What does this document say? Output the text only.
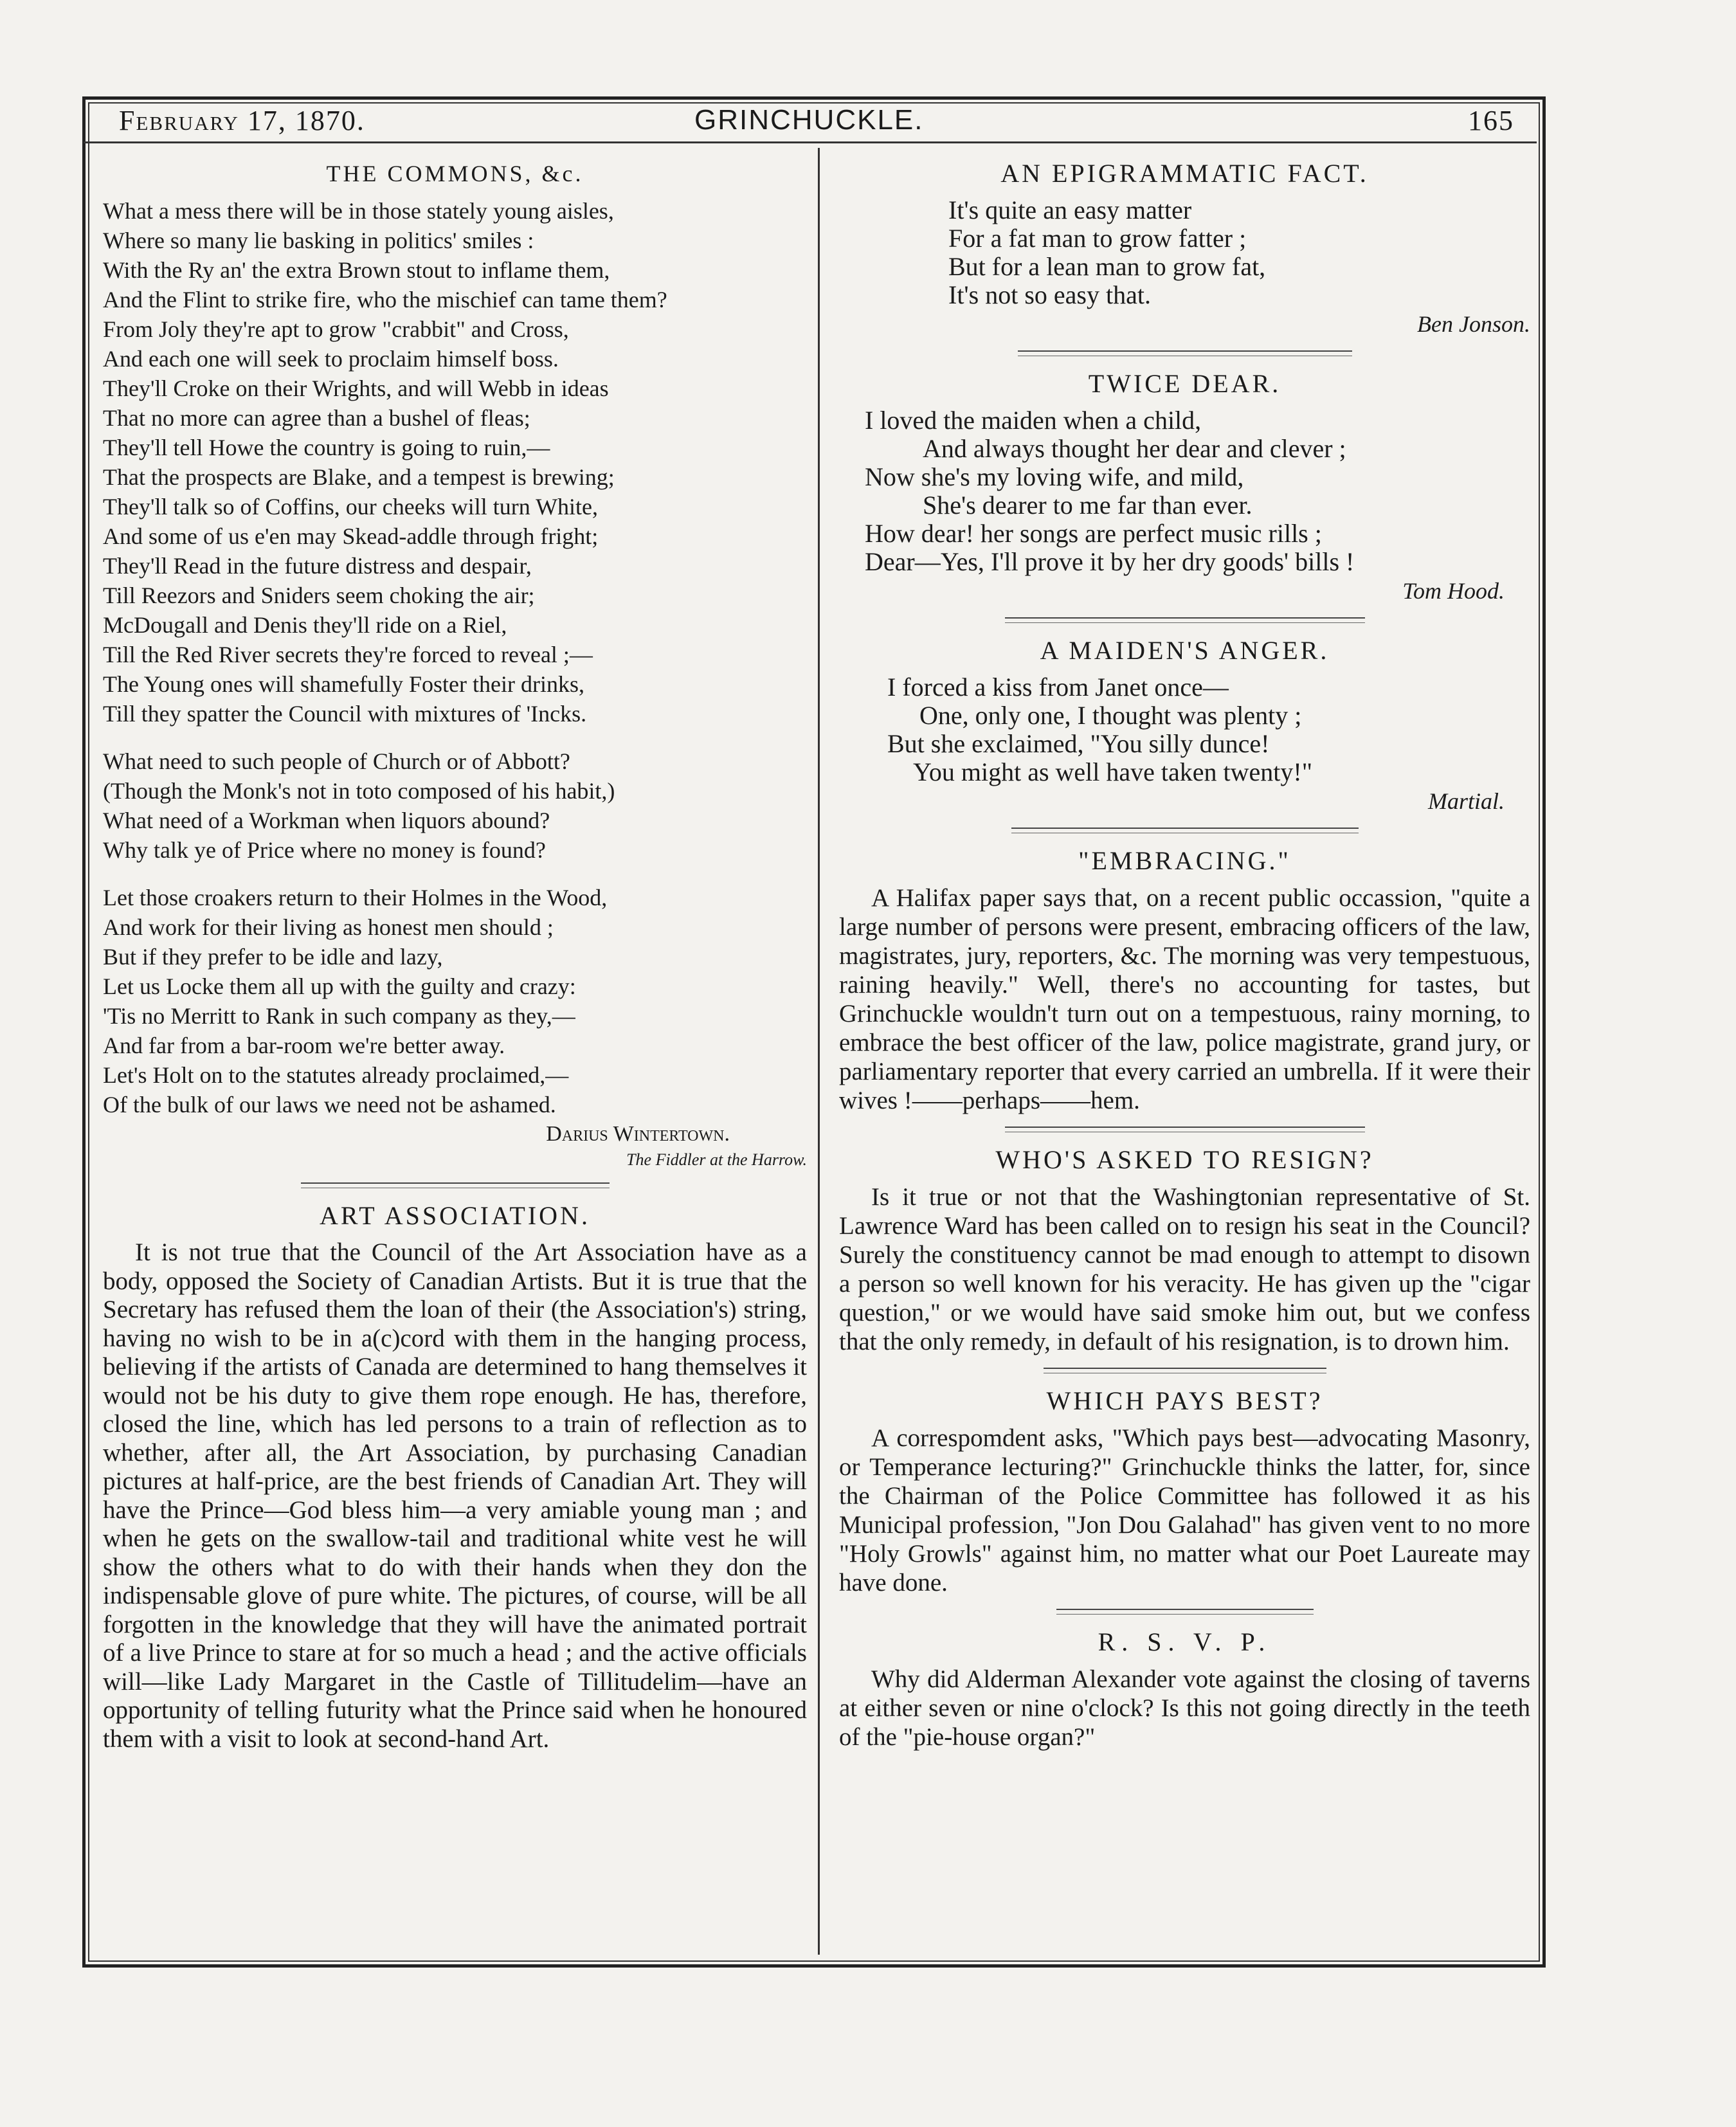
February 17, 1870.	GRINCHUCKLE.	165
THE COMMONS, &c.

What a mess there will be in those stately young aisles,

Where so many lie basking in politics' smiles :

With the Ry an' the extra Brown stout to inflame them,

And the Flint to strike fire, who the mischief can tame them?

From Joly they're apt to grow "crabbit" and Cross,

And each one will seek to proclaim himself boss.

They'll Croke on their Wrights, and will Webb in ideas

That no more can agree than a bushel of fleas;

They'll tell Howe the country is going to ruin,—

That the prospects are Blake, and a tempest is brewing;

They'll talk so of Coffins, our cheeks will turn White,

And some of us e'en may Skead-addle through fright;

They'll Read in the future distress and despair,

Till Reezors and Sniders seem choking the air;

McDougall and Denis they'll ride on a Riel,

Till the Red River secrets they're forced to reveal ;—

The Young ones will shamefully Foster their drinks,

Till they spatter the Council with mixtures of 'Incks.

What need to such people of Church or of Abbott?

(Though the Monk's not in toto composed of his habit,)

What need of a Workman when liquors abound?

Why talk ye of Price where no money is found?

Let those croakers return to their Holmes in the Wood,

And work for their living as honest men should ;

But if they prefer to be idle and lazy,

Let us Locke them all up with the guilty and crazy:

'Tis no Merritt to Rank in such company as they,—

And far from a bar-room we're better away.

Let's Holt on to the statutes already proclaimed,—

Of the bulk of our laws we need not be ashamed.

Darius Wintertown.
The Fiddler at the Harrow.
ART ASSOCIATION.

It is not true that the Council of the Art Association have as a body, opposed the Society of Canadian Artists. But it is true that the Secretary has refused them the loan of their (the Association's) string, having no wish to be in a(c)cord with them in the hanging process, believing if the artists of Canada are determined to hang themselves it would not be his duty to give them rope enough. He has, therefore, closed the line, which has led persons to a train of reflection as to whether, after all, the Art Association, by purchasing Canadian pictures at half-price, are the best friends of Canadian Art. They will have the Prince—God bless him—a very amiable young man ; and when he gets on the swallow-tail and traditional white vest he will show the others what to do with their hands when they don the indispensable glove of pure white. The pictures, of course, will be all forgotten in the knowledge that they will have the animated portrait of a live Prince to stare at for so much a head ; and the active officials will—like Lady Margaret in the Castle of Tillitudelim—have an opportunity of telling futurity what the Prince said when he honoured them with a visit to look at second-hand Art.

AN EPIGRAMMATIC FACT.

It's quite an easy matter

For a fat man to grow fatter ;

But for a lean man to grow fat,

It's not so easy that.

Ben Jonson.
TWICE DEAR.

I loved the maiden when a child,

And always thought her dear and clever ;

Now she's my loving wife, and mild,

She's dearer to me far than ever.

How dear! her songs are perfect music rills ;

Dear—Yes, I'll prove it by her dry goods' bills !

Tom Hood.
A MAIDEN'S ANGER.

I forced a kiss from Janet once—

One, only one, I thought was plenty ;

But she exclaimed, "You silly dunce!

You might as well have taken twenty!"

Martial.
"EMBRACING."

A Halifax paper says that, on a recent public occassion, "quite a large number of persons were present, embracing officers of the law, magistrates, jury, reporters, &c. The morning was very tempestuous, raining heavily." Well, there's no accounting for tastes, but Grinchuckle wouldn't turn out on a tempestuous, rainy morning, to embrace the best officer of the law, police magistrate, grand jury, or parliamentary reporter that every carried an umbrella. If it were their wives !——perhaps——hem.

WHO'S ASKED TO RESIGN?

Is it true or not that the Washingtonian representative of St. Lawrence Ward has been called on to resign his seat in the Council? Surely the constituency cannot be mad enough to attempt to disown a person so well known for his veracity. He has given up the "cigar question," or we would have said smoke him out, but we confess that the only remedy, in default of his resignation, is to drown him.

WHICH PAYS BEST?

A correspomdent asks, "Which pays best—advocating Masonry, or Temperance lecturing?" Grinchuckle thinks the latter, for, since the Chairman of the Police Committee has followed it as his Municipal profession, "Jon Dou Galahad" has given vent to no more "Holy Growls" against him, no matter what our Poet Laureate may have done.

R. S. V. P.

Why did Alderman Alexander vote against the closing of taverns at either seven or nine o'clock? Is this not going directly in the teeth of the "pie-house organ?"
